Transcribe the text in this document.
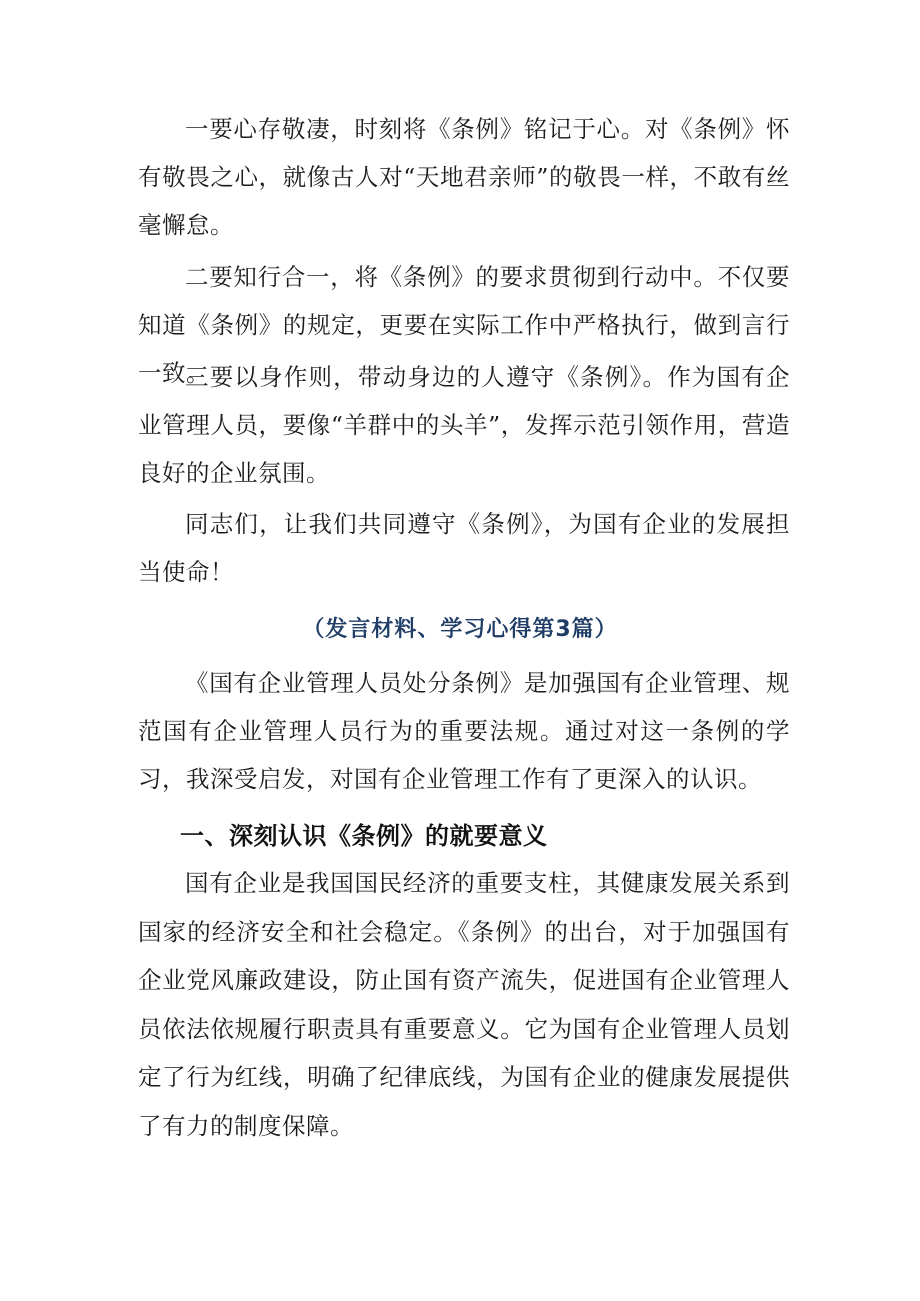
一要心存敬凄，时刻将《条例》铭记于心。对《条例》怀有敬畏之心，就像古人对“天地君亲师”的敬畏一样，不敢有丝毫懈怠。

二要知行合一，将《条例》的要求贯彻到行动中。不仅要知道《条例》的规定，更要在实际工作中严格执行，做到言行一致。

三要以身作则，带动身边的人遵守《条例》。作为国有企业管理人员，要像“羊群中的头羊”，发挥示范引领作用，营造良好的企业氛围。

同志们，让我们共同遵守《条例》，为国有企业的发展担当使命！

（发言材料、学习心得第3篇）

《国有企业管理人员处分条例》是加强国有企业管理、规范国有企业管理人员行为的重要法规。通过对这一条例的学习，我深受启发，对国有企业管理工作有了更深入的认识。

一、深刻认识《条例》的就要意义

国有企业是我国国民经济的重要支柱，其健康发展关系到国家的经济安全和社会稳定。《条例》的出台，对于加强国有企业党风廉政建设，防止国有资产流失，促进国有企业管理人员依法依规履行职责具有重要意义。它为国有企业管理人员划定了行为红线，明确了纪律底线，为国有企业的健康发展提供了有力的制度保障。
